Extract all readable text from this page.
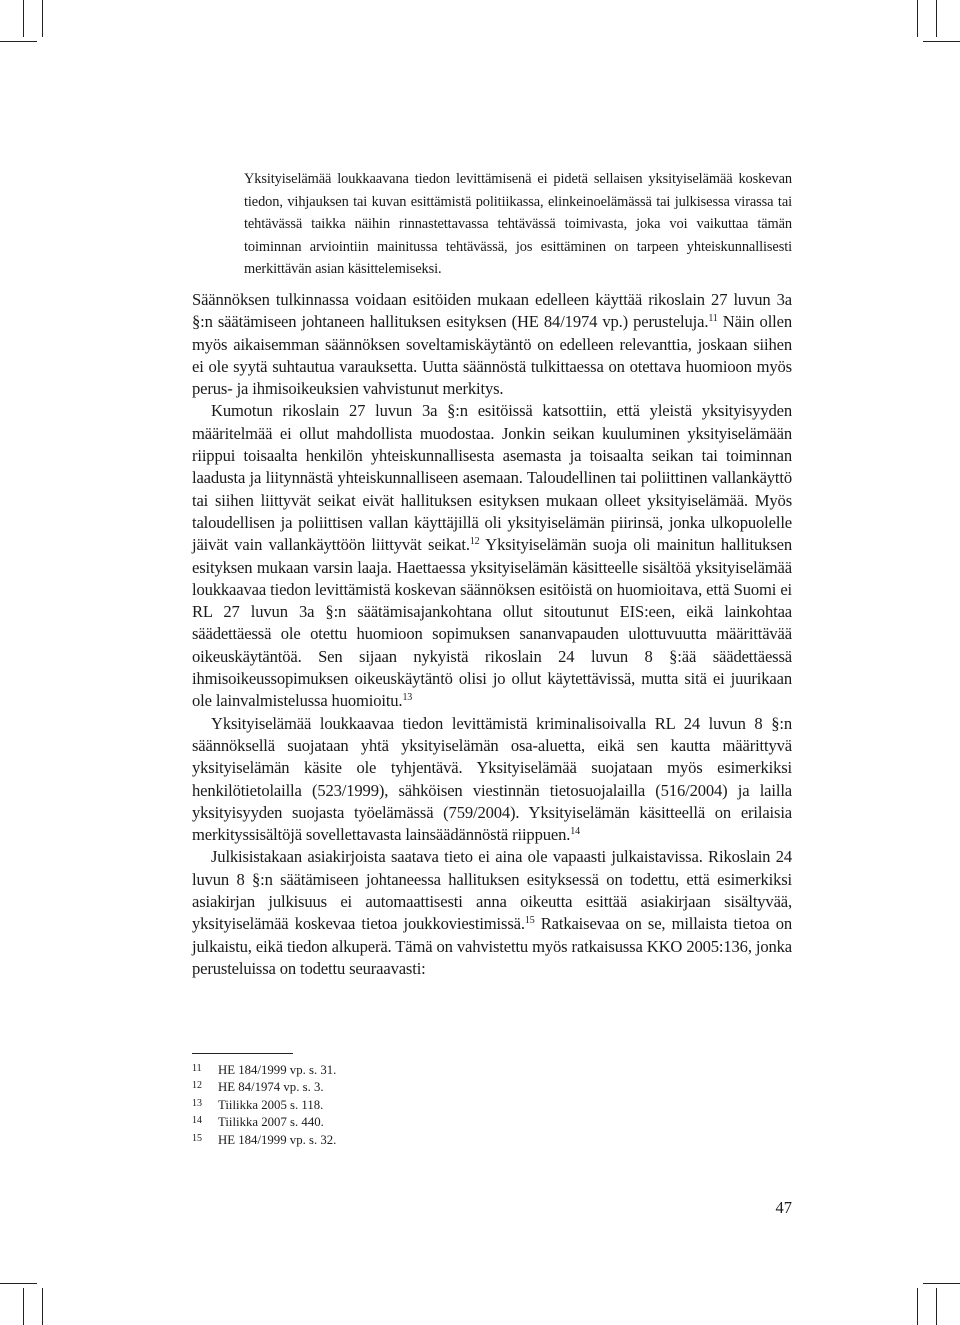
Yksityiselämää loukkaavana tiedon levittämisenä ei pidetä sellaisen yksityiselämää koskevan tiedon, vihjauksen tai kuvan esittämistä politiikassa, elinkeinoelämässä tai julkisessa virassa tai tehtävässä taikka näihin rinnastettavassa tehtävässä toimivasta, joka voi vaikuttaa tämän toiminnan arviointiin mainitussa tehtävässä, jos esittäminen on tarpeen yhteiskunnallisesti merkittävän asian käsittelemiseksi.

Säännöksen tulkinnassa voidaan esitöiden mukaan edelleen käyttää rikoslain 27 luvun 3a §:n säätämiseen johtaneen hallituksen esityksen (HE 84/1974 vp.) perusteluja.$^{11}$ Näin ollen myös aikaisemman säännöksen soveltamiskäytäntö on edelleen relevanttia, joskaan siihen ei ole syytä suhtautua varauksetta. Uutta säännöstä tulkittaessa on otettava huomioon myös perus- ja ihmisoikeuksien vahvistunut merkitys.

Kumotun rikoslain 27 luvun 3a §:n esitöissä katsottiin, että yleistä yksityisyyden määritelmää ei ollut mahdollista muodostaa. Jonkin seikan kuuluminen yksityiselämään riippui toisaalta henkilön yhteiskunnallisesta asemasta ja toisaalta seikan tai toiminnan laadusta ja liitynnästä yhteiskunnalliseen asemaan. Taloudellinen tai poliittinen vallankäyttö tai siihen liittyvät seikat eivät hallituksen esityksen mukaan olleet yksityiselämää. Myös taloudellisen ja poliittisen vallan käyttäjillä oli yksityiselämän piirinsä, jonka ulkopuolelle jäivät vain vallankäyttöön liittyvät seikat.$^{12}$ Yksityiselämän suoja oli mainitun hallituksen esityksen mukaan varsin laaja. Haettaessa yksityiselämän käsitteelle sisältöä yksityiselämää loukkaavaa tiedon levittämistä koskevan säännöksen esitöistä on huomioitava, että Suomi ei RL 27 luvun 3a §:n säätämisajankohtana ollut sitoutunut EIS:een, eikä lainkohtaa säädettäessä ole otettu huomioon sopimuksen sananvapauden ulottuvuutta määrittävää oikeuskäytäntöä. Sen sijaan nykyistä rikoslain 24 luvun 8 §:ää säädettäessä ihmisoikeussopimuksen oikeuskäytäntö olisi jo ollut käytettävissä, mutta sitä ei juurikaan ole lainvalmistelussa huomioitu.$^{13}$

Yksityiselämää loukkaavaa tiedon levittämistä kriminalisoivalla RL 24 luvun 8 §:n säännöksellä suojataan yhtä yksityiselämän osa-aluetta, eikä sen kautta määrittyvä yksityiselämän käsite ole tyhjentävä. Yksityiselämää suojataan myös esimerkiksi henkilötietolailla (523/1999), sähköisen viestinnän tietosuojalailla (516/2004) ja lailla yksityisyyden suojasta työelämässä (759/2004). Yksityiselämän käsitteellä on erilaisia merkityssisältöjä sovellettavasta lainsäädännöstä riippuen.$^{14}$

Julkisistakaan asiakirjoista saatava tieto ei aina ole vapaasti julkaistavissa. Rikoslain 24 luvun 8 §:n säätämiseen johtaneessa hallituksen esityksessä on todettu, että esimerkiksi asiakirjan julkisuus ei automaattisesti anna oikeutta esittää asiakirjaan sisältyvää, yksityiselämää koskevaa tietoa joukkoviestimissä.$^{15}$ Ratkaisevaa on se, millaista tietoa on julkaistu, eikä tiedon alkuperä. Tämä on vahvistettu myös ratkaisussa KKO 2005:136, jonka perusteluissa on todettu seuraavasti:

11 HE 184/1999 vp. s. 31.
12 HE 84/1974 vp. s. 3.
13 Tiilikka 2005 s. 118.
14 Tiilikka 2007 s. 440.
15 HE 184/1999 vp. s. 32.
47
